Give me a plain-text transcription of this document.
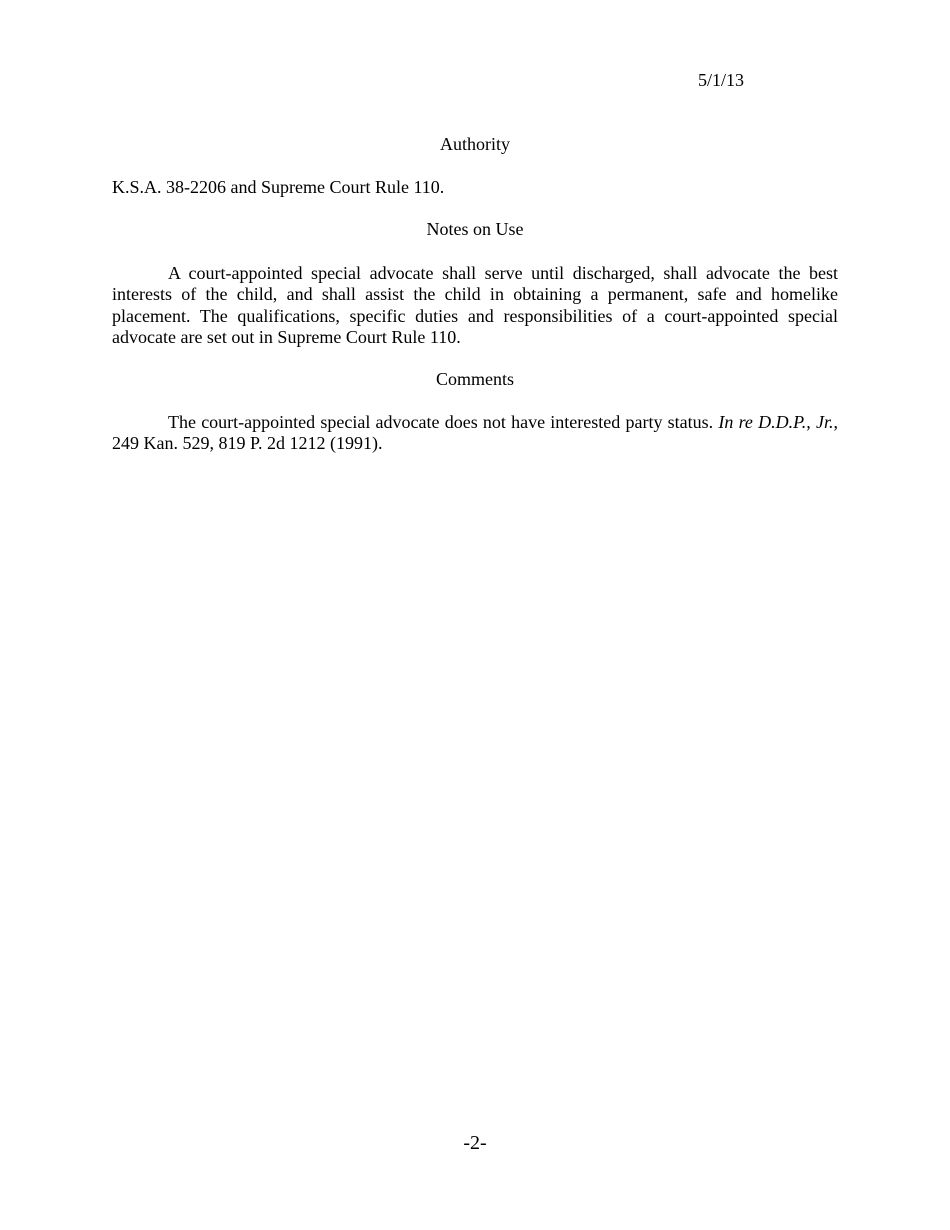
5/1/13
Authority
K.S.A. 38-2206 and Supreme Court Rule 110.
Notes on Use

A court-appointed special advocate shall serve until discharged, shall advocate the best interests of the child, and shall assist the child in obtaining a permanent, safe and homelike placement. The qualifications, specific duties and responsibilities of a court-appointed special advocate are set out in Supreme Court Rule 110.

Comments

The court-appointed special advocate does not have interested party status. In re D.D.P., Jr., 249 Kan. 529, 819 P. 2d 1212 (1991).

-2-
